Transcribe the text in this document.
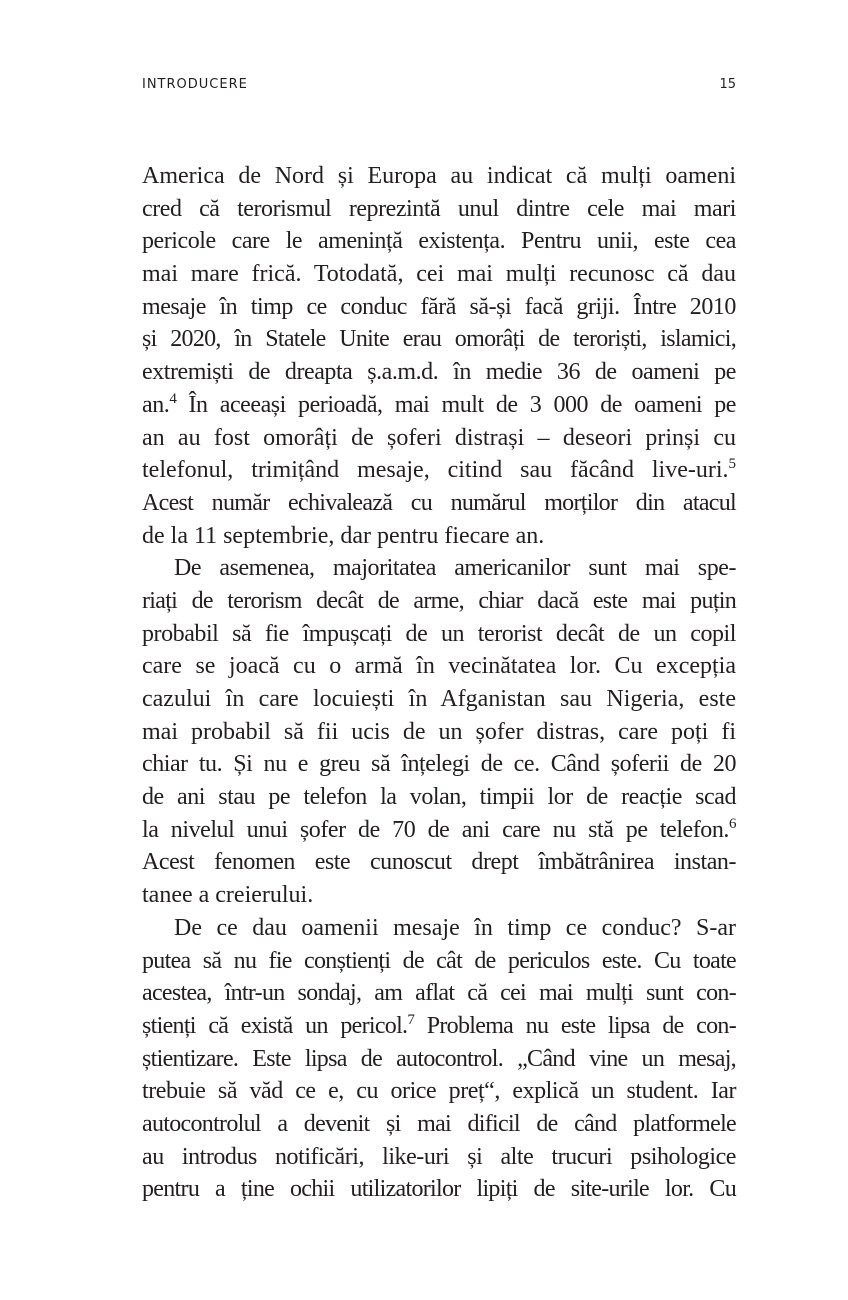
INTRODUCERE	15
America de Nord și Europa au indicat că mulți oameni
cred că terorismul reprezintă unul dintre cele mai mari
pericole care le amenință existența. Pentru unii, este cea
mai mare frică. Totodată, cei mai mulți recunosc că dau
mesaje în timp ce conduc fără să-și facă griji. Între 2010
și 2020, în Statele Unite erau omorâți de teroriști, islamici,
extremiști de dreapta ș.a.m.d. în medie 36 de oameni pe
an.$^4$ În aceeași perioadă, mai mult de 3 000 de oameni pe
an au fost omorâți de șoferi distrași – deseori prinși cu
telefonul, trimițând mesaje, citind sau făcând live-uri.$^5$
Acest număr echivalează cu numărul morților din atacul
de la 11 septembrie, dar pentru fiecare an.
De asemenea, majoritatea americanilor sunt mai spe-
riați de terorism decât de arme, chiar dacă este mai puțin
probabil să fie împușcați de un terorist decât de un copil
care se joacă cu o armă în vecinătatea lor. Cu excepția
cazului în care locuiești în Afganistan sau Nigeria, este
mai probabil să fii ucis de un șofer distras, care poți fi
chiar tu. Și nu e greu să înțelegi de ce. Când șoferii de 20
de ani stau pe telefon la volan, timpii lor de reacție scad
la nivelul unui șofer de 70 de ani care nu stă pe telefon.$^6$
Acest fenomen este cunoscut drept îmbătrânirea instan-
tanee a creierului.
De ce dau oamenii mesaje în timp ce conduc? S-ar
putea să nu fie conștienți de cât de periculos este. Cu toate
acestea, într-un sondaj, am aflat că cei mai mulți sunt con-
știenți că există un pericol.$^7$ Problema nu este lipsa de con-
știentizare. Este lipsa de autocontrol. „Când vine un mesaj,
trebuie să văd ce e, cu orice preț“, explică un student. Iar
autocontrolul a devenit și mai dificil de când platformele
au introdus notificări, like-uri și alte trucuri psihologice
pentru a ține ochii utilizatorilor lipiți de site-urile lor. Cu
